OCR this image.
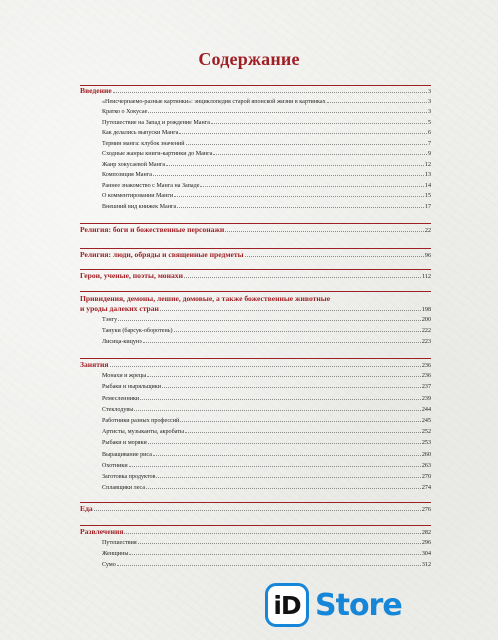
Содержание
Введение	3
«Неисчерпаемо-разные картинки»: энциклопедия старой японской жизни в картинках	3
Кратко о Хокусае	3
Путешествие на Запад и рождение Манга	5
Как делались выпуски Манга	6
Термин манга: клубок значений	7
Сходные жанры книги-картинки до Манга	9
Жанр хокусаевой Манга	12
Композиция Манга	13
Раннее знакомство с Манга на Западе	14
О комментировании Манги	15
Внешний вид книжек Манга	17
Религия: боги и божественные персонажи	22
Религия: люди, обряды и священные предметы	96
Герои, ученые, поэты, монахи	112
Привидения, демоны, лешие, домовые, а также божественные животные
и уроды далеких стран	198
Тэнгу	200
Тануки (барсук-оборотень)	222
Лисица-кицунэ	223
Занятия	236
Монахи и жрецы	236
Рыбаки и ныряльщики	237
Ремесленники	239
Стеклодувы	244
Работники разных профессий	245
Артисты, музыканты, акробаты	252
Рыбаки и моряки	253
Выращивание риса	260
Охотники	263
Заготовка продуктов	270
Сплавщики леса	274
Еда	276
Развлечения	282
Путешествия	296
Женщины	304
Сумо	312
iD Store
